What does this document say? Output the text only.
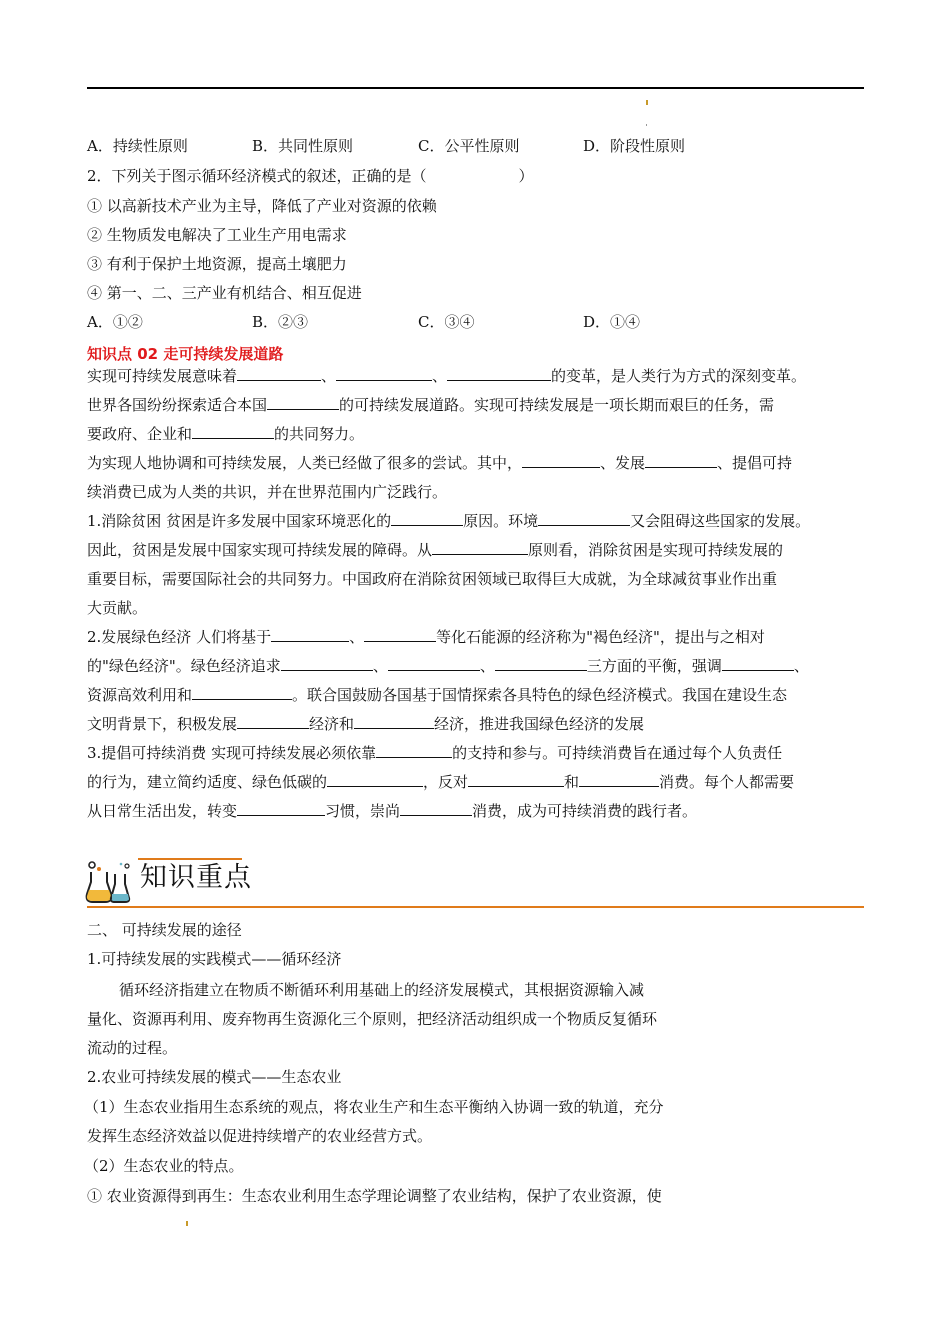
A．持续性原则	B．共同性原则	C．公平性原则	D．阶段性原则
2．下列关于图示循环经济模式的叙述，正确的是（	）
① 以高新技术产业为主导，降低了产业对资源的依赖
② 生物质发电解决了工业生产用电需求
③ 有利于保护土地资源，提高土壤肥力
④ 第一、二、三产业有机结合、相互促进
A．①②	B．②③	C．③④	D．①④
知识点 02 走可持续发展道路
实现可持续发展意味着	、	、	的变革，是人类行为方式的深刻变革。
世界各国纷纷探索适合本国	的可持续发展道路。实现可持续发展是一项长期而艰巨的任务，需
要政府、企业和	的共同努力。
为实现人地协调和可持续发展，人类已经做了很多的尝试。其中，	、发展	、提倡可持
续消费已成为人类的共识，并在世界范围内广泛践行。
1.消除贫困 贫困是许多发展中国家环境恶化的	原因。环境	又会阻碍这些国家的发展。
因此，贫困是发展中国家实现可持续发展的障碍。从	原则看，消除贫困是实现可持续发展的
重要目标，需要国际社会的共同努力。中国政府在消除贫困领域已取得巨大成就，为全球减贫事业作出重
大贡献。
2.发展绿色经济 人们将基于	、	等化石能源的经济称为"褐色经济"，提出与之相对
的"绿色经济"。绿色经济追求	、	、	三方面的平衡，强调	、
资源高效利用和	。联合国鼓励各国基于国情探索各具特色的绿色经济模式。我国在建设生态
文明背景下，积极发展	经济和	经济，推进我国绿色经济的发展
3.提倡可持续消费 实现可持续发展必须依靠	的支持和参与。可持续消费旨在通过每个人负责任
的行为，建立简约适度、绿色低碳的	，反对	和	消费。每个人都需要
从日常生活出发，转变	习惯，崇尚	消费，成为可持续消费的践行者。
知识重点
二、 可持续发展的途径
1.可持续发展的实践模式——循环经济
循环经济指建立在物质不断循环利用基础上的经济发展模式，其根据资源输入减
量化、资源再利用、废弃物再生资源化三个原则，把经济活动组织成一个物质反复循环
流动的过程。
2.农业可持续发展的模式——生态农业
（1）生态农业指用生态系统的观点，将农业生产和生态平衡纳入协调一致的轨道，充分
发挥生态经济效益以促进持续增产的农业经营方式。
（2）生态农业的特点。
① 农业资源得到再生：生态农业利用生态学理论调整了农业结构，保护了农业资源，使
